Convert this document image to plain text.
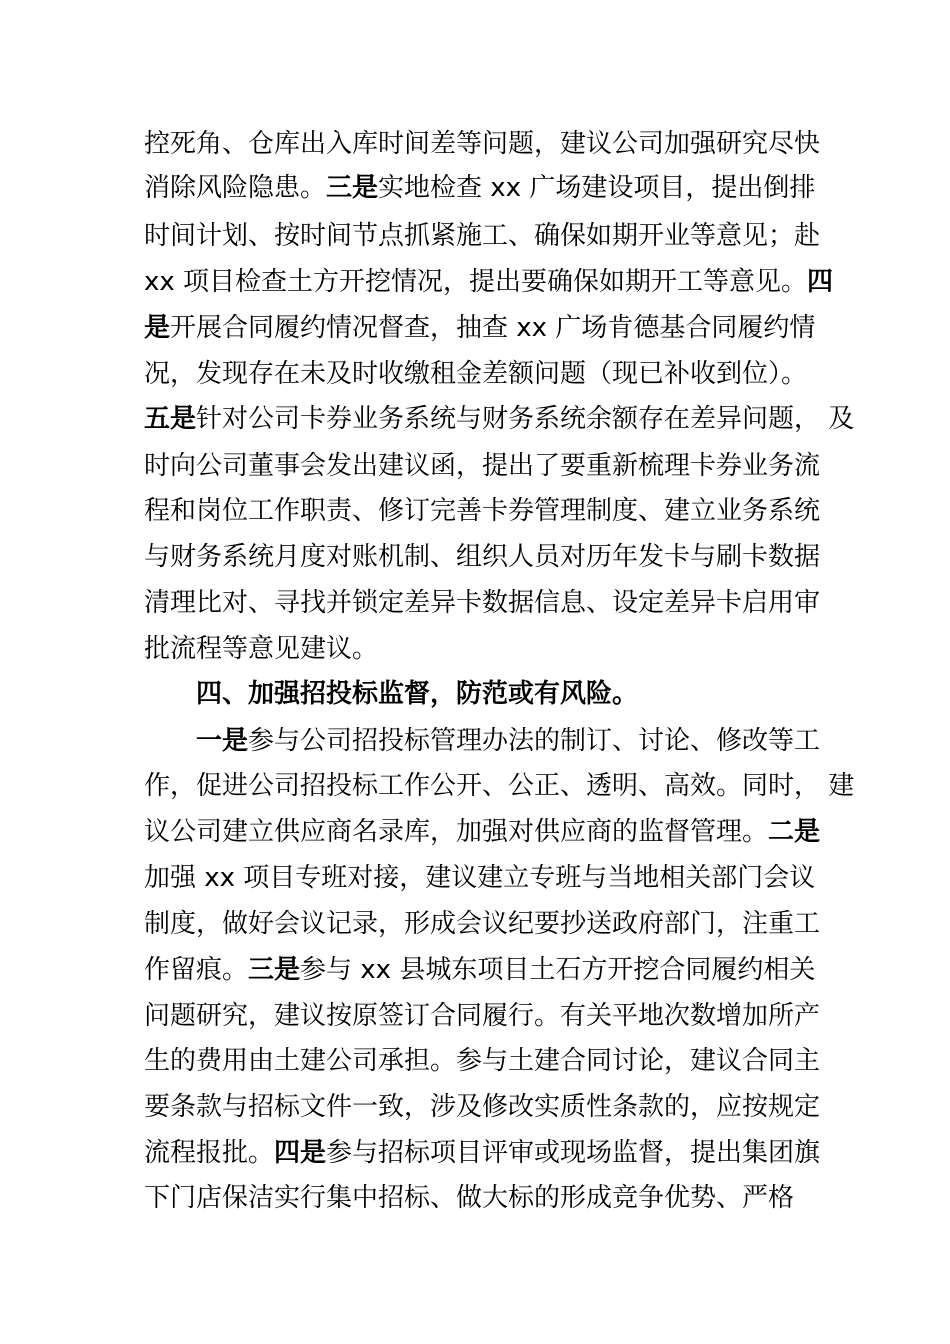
控死角、仓库出入库时间差等问题，建议公司加强研究尽快
消除风险隐患。三是实地检查 xx 广场建设项目，提出倒排
时间计划、按时间节点抓紧施工、确保如期开业等意见；赴
xx 项目检查土方开挖情况，提出要确保如期开工等意见。四
是开展合同履约情况督查，抽查 xx 广场肯德基合同履约情
况，发现存在未及时收缴租金差额问题（现已补收到位）。
五是针对公司卡券业务系统与财务系统余额存在差异问题， 及
时向公司董事会发出建议函，提出了要重新梳理卡券业务流
程和岗位工作职责、修订完善卡券管理制度、建立业务系统
与财务系统月度对账机制、组织人员对历年发卡与刷卡数据
清理比对、寻找并锁定差异卡数据信息、设定差异卡启用审
批流程等意见建议。
四、加强招投标监督，防范或有风险。
一是参与公司招投标管理办法的制订、讨论、修改等工
作，促进公司招投标工作公开、公正、透明、高效。同时， 建
议公司建立供应商名录库，加强对供应商的监督管理。二是
加强 xx 项目专班对接，建议建立专班与当地相关部门会议
制度，做好会议记录，形成会议纪要抄送政府部门，注重工
作留痕。三是参与 xx 县城东项目土石方开挖合同履约相关
问题研究，建议按原签订合同履行。有关平地次数增加所产
生的费用由土建公司承担。参与土建合同讨论，建议合同主
要条款与招标文件一致，涉及修改实质性条款的，应按规定
流程报批。四是参与招标项目评审或现场监督，提出集团旗
下门店保洁实行集中招标、做大标的形成竞争优势、严格
